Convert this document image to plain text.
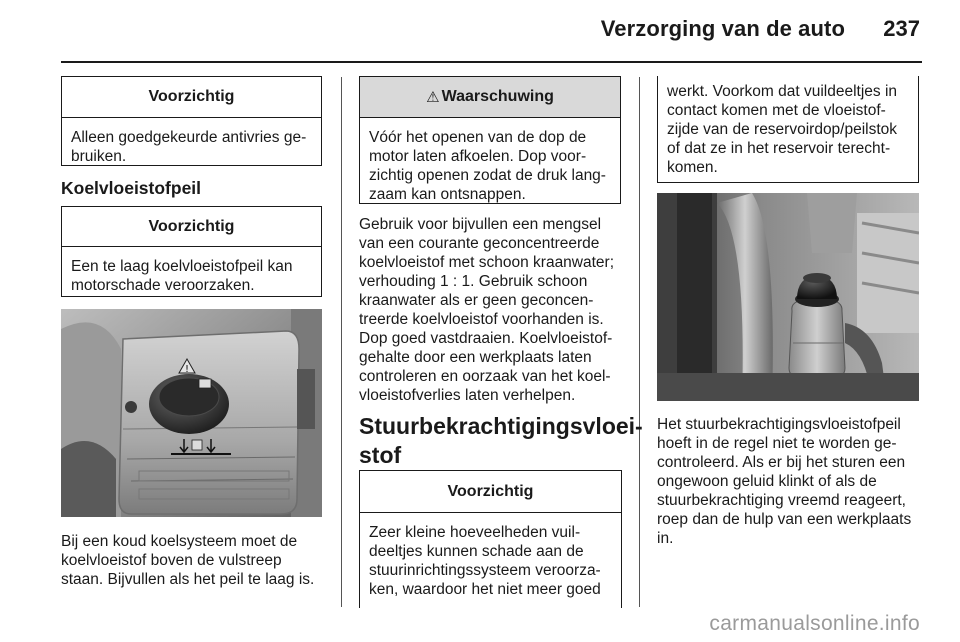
Verzorging van de auto 237
Voorzichtig
Alleen goedgekeurde antivries ge-
bruiken.
Koelvloeistofpeil
Voorzichtig
Een te laag koelvloeistofpeil kan
motorschade veroorzaken.
!
Bij een koud koelsysteem moet de
koelvloeistof boven de vulstreep
staan. Bijvullen als het peil te laag is.
⚠ Waarschuwing
Vóór het openen van de dop de
motor laten afkoelen. Dop voor-
zichtig openen zodat de druk lang-
zaam kan ontsnappen.
Gebruik voor bijvullen een mengsel
van een courante geconcentreerde
koelvloeistof met schoon kraanwater;
verhouding 1 : 1. Gebruik schoon
kraanwater als er geen geconcen-
treerde koelvloeistof voorhanden is.
Dop goed vastdraaien. Koelvloeistof-
gehalte door een werkplaats laten
controleren en oorzaak van het koel-
vloeistofverlies laten verhelpen.
Stuurbekrachtigingsvloei-
stof
Voorzichtig
Zeer kleine hoeveelheden vuil-
deeltjes kunnen schade aan de
stuurinrichtingssysteem veroorza-
ken, waardoor het niet meer goed
werkt. Voorkom dat vuildeeltjes in
contact komen met de vloeistof-
zijde van de reservoirdop/peilstok
of dat ze in het reservoir terecht-
komen.
Het stuurbekrachtigingsvloeistofpeil
hoeft in de regel niet te worden ge-
controleerd. Als er bij het sturen een
ongewoon geluid klinkt of als de
stuurbekrachtiging vreemd reageert,
roep dan de hulp van een werkplaats
in.
carmanualsonline.info
